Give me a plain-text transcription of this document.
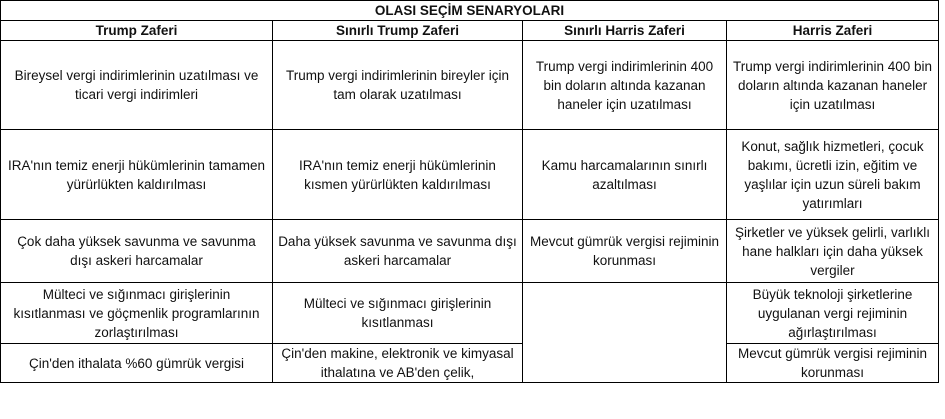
OLASI SEÇİM SENARYOLARI			
Trump Zaferi	Sınırlı Trump Zaferi	Sınırlı Harris Zaferi	Harris Zaferi
Bireysel vergi indirimlerinin uzatılması ve ticari vergi indirimleri	Trump vergi indirimlerinin bireyler için tam olarak uzatılması	Trump vergi indirimlerinin 400 bin doların altında kazanan haneler için uzatılması	Trump vergi indirimlerinin 400 bin doların altında kazanan haneler için uzatılması
IRA'nın temiz enerji hükümlerinin tamamen yürürlükten kaldırılması	IRA'nın temiz enerji hükümlerinin kısmen yürürlükten kaldırılması	Kamu harcamalarının sınırlı azaltılması	Konut, sağlık hizmetleri, çocuk bakımı, ücretli izin, eğitim ve yaşlılar için uzun süreli bakım yatırımları
Çok daha yüksek savunma ve savunma dışı askeri harcamalar	Daha yüksek savunma ve savunma dışı askeri harcamalar	Mevcut gümrük vergisi rejiminin korunması	Şirketler ve yüksek gelirli, varlıklı hane halkları için daha yüksek vergiler
Mülteci ve sığınmacı girişlerinin kısıtlanması ve göçmenlik programlarının zorlaştırılması	Mülteci ve sığınmacı girişlerinin kısıtlanması		Büyük teknoloji şirketlerine uygulanan vergi rejiminin ağırlaştırılması
Çin'den ithalata %60 gümrük vergisi	Çin'den makine, elektronik ve kimyasal ithalatına ve AB'den çelik,		Mevcut gümrük vergisi rejiminin korunması
